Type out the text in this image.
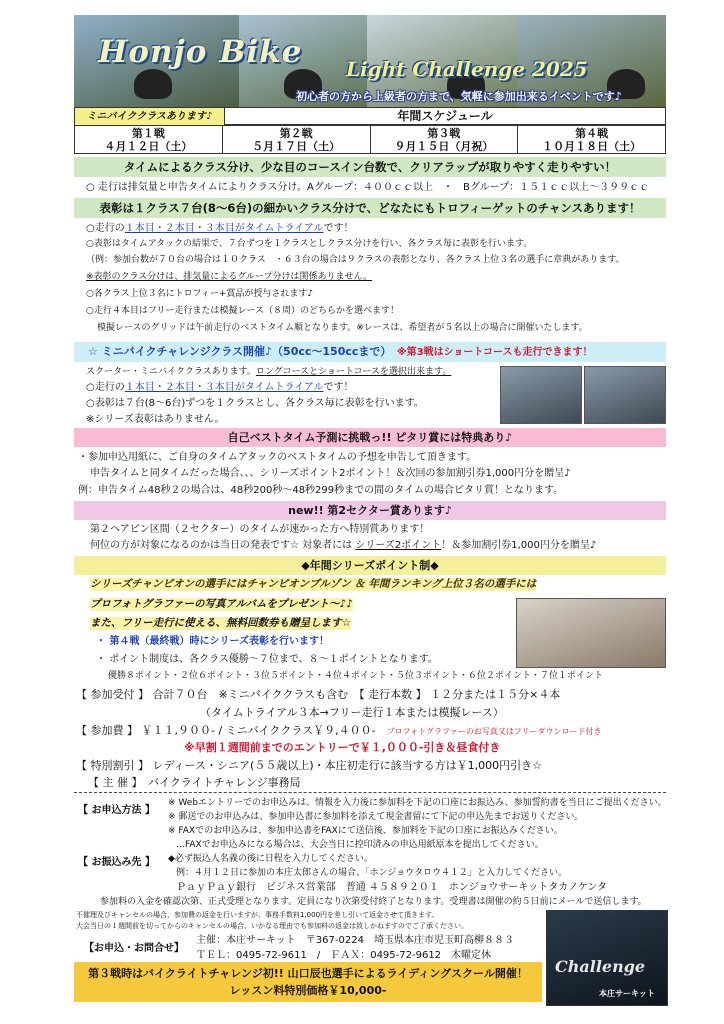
Honjo Bike Light Challenge 2025
初心者の方から上級者の方まで、気軽に参加出来るイベントです♪
ミニバイククラスあります♪	年間スケジュール
第１戦
４月１２日（土）
第２戦
５月１７日（土）
第３戦
９月１５日（月祝）
第４戦
１０月１８日（土）
タイムによるクラス分け、少な目のコースイン台数で、クリアラップが取りやすく走りやすい！
○ 走行は排気量と申告タイムによりクラス分け。Aグループ：４００ｃｃ以上　・　Bグループ：１５１ｃｃ以上～３９９ｃｃ
表彰は１クラス７台(8～6台)の細かいクラス分けで、どなたにもトロフィーゲットのチャンスあります！
○走行の１本目・２本目・３本目がタイムトライアルです！
○表彰はタイムアタックの結果で、７台ずつを１クラスとしクラス分けを行い、各クラス毎に表彰を行います。
（例：参加台数が７０台の場合は１０クラス　・６３台の場合は９クラスの表彰となり、各クラス上位３名の選手に章典があります。
※表彰のクラス分けは、排気量によるグループ分けは関係ありません。
○各クラス上位３名にトロフィー+賞品が授与されます♪
○走行４本目はフリー走行または模擬レース（８周）のどちらかを選べます！
模擬レースのグリッドは午前走行のベストタイム順となります。※レースは、希望者が５名以上の場合に開催いたします。
☆ ミニバイクチャレンジクラス開催♪（50cc～150ccまで）　 ※第3戦はショートコースも走行できます！
スクーター・ミニバイククラスあります。ロングコースとショートコースを選択出来ます。
○走行の１本目・２本目・３本目がタイムトライアルです！
○表彰は７台(8～6台)ずつを１クラスとし、各クラス毎に表彰を行います。
※シリーズ表彰はありません。
自己ベストタイム予測に挑戦っ!! ピタリ賞には特典あり♪
・参加申込用紙に、ご自身のタイムアタックのベストタイムの予想を申告して頂きます。
申告タイムと同タイムだった場合、、、シリーズポイント2ポイント！＆次回の参加割引券1,000円分を贈呈♪
例：申告タイム48秒２の場合は、48秒200秒～48秒299秒までの間のタイムの場合ピタリ賞！となります。
new!! 第2セクター賞あります♪
第２ヘアピン区間（２セクター）のタイムが速かった方へ特別賞あります！
何位の方が対象になるのかは当日の発表です☆ 対象者には シリーズ2ポイント！＆参加割引券1,000円分を贈呈♪
◆年間シリーズポイント制◆
シリーズチャンピオンの選手にはチャンピオンブルゾン ＆ 年間ランキング上位３名の選手には
プロフォトグラファーの写真アルバムをプレゼント～♪♪
また、フリー走行に使える、無料回数券も贈呈します☆
・ 第４戦（最終戦）時にシリーズ表彰を行います！
・ ポイント制度は、各クラス優勝～７位まで、８～１ポイントとなります。
優勝８ポイント・２位６ポイント・３位５ポイント・４位４ポイント・５位３ポイント・６位２ポイント・７位１ポイント
【 参加受付 】 合計７０台　※ミニバイククラスも含む　【 走行本数 】 １２分または１５分×４本
（タイムトライアル３本→フリー走行１本または模擬レース）
【 参加費 】 ￥１１,９００‐ / ミニバイククラス￥９,４００‐　 プロフォトグラファーのお写真又はフリーダウンロード付き
※早割１週間前までのエントリーで￥１,０００‐引き＆昼食付き
【 特別割引 】 レディース・シニア(５５歳以上)・本庄初走行に該当する方は￥1,000円引き☆
【 主 催 】　バイクライトチャレンジ事務局
【 お申込方法 】
※ Webエントリーでのお申込みは、情報を入力後に参加料を下記の口座にお振込み、参加誓約書を当日にご提出ください。
※ 郵送でのお申込みは、参加申込書に参加料を添えて現金書留にて下記の申込先までお送りください。
※ FAXでのお申込みは、参加申込書をFAXにて送信後、参加料を下記の口座にお振込みください。
…FAXでお申込みになる場合は、大会当日に控印済みの申込用紙原本を提出してください。
【 お振込み先 】 ◆必ず振込人名義の後に日程を入力してください。
例：４月１２日に参加の本庄太郎さんの場合、「ホンジョウタロウ４１２」と入力してください。
ＰａｙＰａｙ銀行　ビジネス営業部　普通 ４５８９２０１　ホンジョウサーキットタカノケンタ
参加料の入金を確認次第、正式受理となります。定員になり次第受付終了となります。受理書は開催の約５日前にメールで送信します。
不催理及びキャンセルの場合、参加費の返金を行いますが、事務手数料1,000円を差し引いて返金させて頂きます。
大会当日の１週間前を切ってからのキャンセルの場合、いかなる理由でも参加料の返金は致しかねますのでご了承ください。
【お申込・お問合せ】
主催：本庄サーキット　〒367-0224　埼玉県本庄市児玉町高柳８８３
ＴＥＬ：0495-72-9611　/　ＦＡＸ：0495-72-9612　木曜定休
第３戦時はバイクライトチャレンジ初!! 山口辰也選手によるライディングスクール開催！
レッスン料特別価格￥10,000-
Challenge
本庄サーキット
